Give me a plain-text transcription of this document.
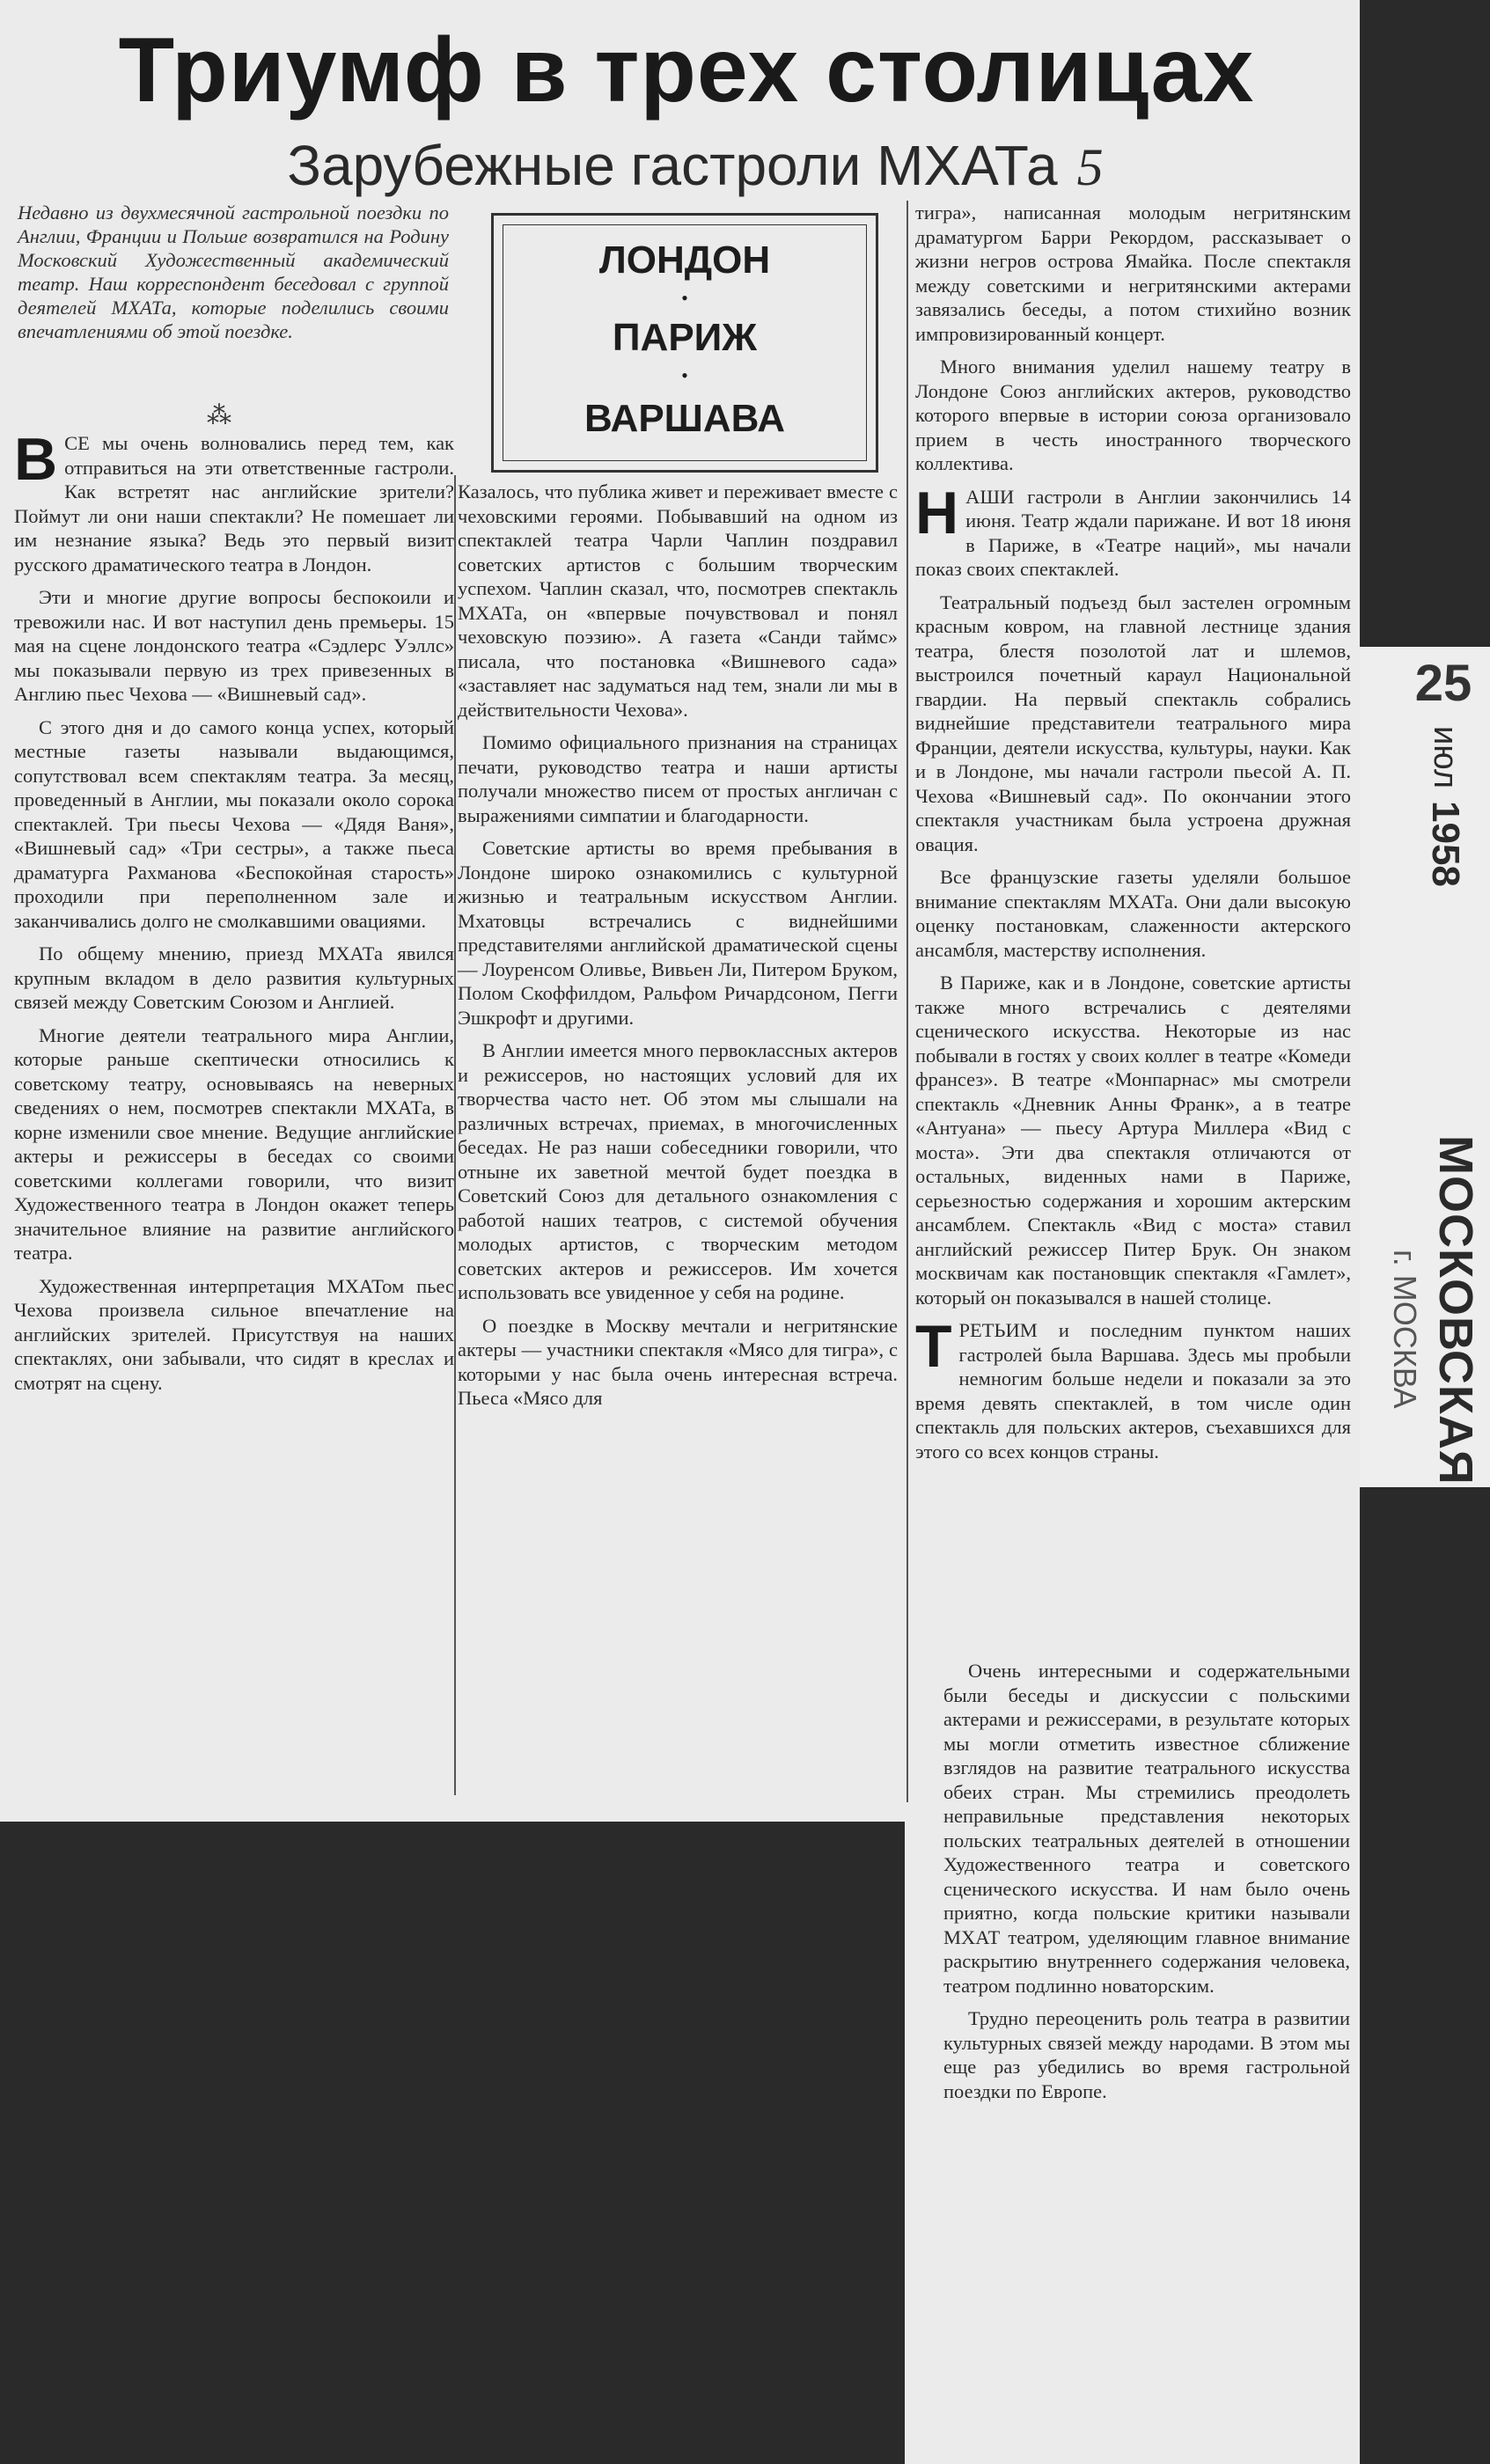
Триумф в трех столицах
Зарубежные гастроли МХАТа 5
Недавно из двухмесячной гастрольной поездки по Англии, Франции и Польше возвратился на Родину Московский Художественный академический театр. Наш корреспондент беседовал с группой деятелей МХАТа, которые поделились своими впечатлениями об этой поездке.
⁂
ЛОНДОН
•
ПАРИЖ
•
ВАРШАВА

ВСЕ мы очень волновались перед тем, как отправиться на эти ответственные гастроли. Как встретят нас английские зрители? Поймут ли они наши спектакли? Не помешает ли им незнание языка? Ведь это первый визит русского драматического театра в Лондон.

Эти и многие другие вопросы беспокоили и тревожили нас. И вот наступил день премьеры. 15 мая на сцене лондонского театра «Сэдлерс Уэллс» мы показывали первую из трех привезенных в Англию пьес Чехова — «Вишневый сад».

С этого дня и до самого конца успех, который местные газеты называли выдающимся, сопутствовал всем спектаклям театра. За месяц, проведенный в Англии, мы показали около сорока спектаклей. Три пьесы Чехова — «Дядя Ваня», «Вишневый сад» «Три сестры», а также пьеса драматурга Рахманова «Беспокойная старость» проходили при переполненном зале и заканчивались долго не смолкавшими овациями.

По общему мнению, приезд МХАТа явился крупным вкладом в дело развития культурных связей между Советским Союзом и Англией.

Многие деятели театрального мира Англии, которые раньше скептически относились к советскому театру, основываясь на неверных сведениях о нем, посмотрев спектакли МХАТа, в корне изменили свое мнение. Ведущие английские актеры и режиссеры в беседах со своими советскими коллегами говорили, что визит Художественного театра в Лондон окажет теперь значительное влияние на развитие английского театра.

Художественная интерпретация МХАТом пьес Чехова произвела сильное впечатление на английских зрителей. Присутствуя на наших спектаклях, они забывали, что сидят в креслах и смотрят на сцену.

Казалось, что публика живет и переживает вместе с чеховскими героями. Побывавший на одном из спектаклей театра Чарли Чаплин поздравил советских артистов с большим творческим успехом. Чаплин сказал, что, посмотрев спектакль МХАТа, он «впервые почувствовал и понял чеховскую поэзию». А газета «Санди таймс» писала, что постановка «Вишневого сада» «заставляет нас задуматься над тем, знали ли мы в действительности Чехова».

Помимо официального признания на страницах печати, руководство театра и наши артисты получали множество писем от простых англичан с выражениями симпатии и благодарности.

Советские артисты во время пребывания в Лондоне широко ознакомились с культурной жизнью и театральным искусством Англии. Мхатовцы встречались с виднейшими представителями английской драматической сцены — Лоуренсом Оливье, Вивьен Ли, Питером Бруком, Полом Скоффилдом, Ральфом Ричардсоном, Пегги Эшкрофт и другими.

В Англии имеется много первоклассных актеров и режиссеров, но настоящих условий для их творчества часто нет. Об этом мы слышали на различных встречах, приемах, в многочисленных беседах. Не раз наши собеседники говорили, что отныне их заветной мечтой будет поездка в Советский Союз для детального ознакомления с работой наших театров, с системой обучения молодых артистов, с творческим методом советских актеров и режиссеров. Им хочется использовать все увиденное у себя на родине.

О поездке в Москву мечтали и негритянские актеры — участники спектакля «Мясо для тигра», с которыми у нас была очень интересная встреча. Пьеса «Мясо для

тигра», написанная молодым негритянским драматургом Барри Рекордом, рассказывает о жизни негров острова Ямайка. После спектакля между советскими и негритянскими актерами завязались беседы, а потом стихийно возник импровизированный концерт.

Много внимания уделил нашему театру в Лондоне Союз английских актеров, руководство которого впервые в истории союза организовало прием в честь иностранного творческого коллектива.

НАШИ гастроли в Англии закончились 14 июня. Театр ждали парижане. И вот 18 июня в Париже, в «Театре наций», мы начали показ своих спектаклей.

Театральный подъезд был застелен огромным красным ковром, на главной лестнице здания театра, блестя позолотой лат и шлемов, выстроился почетный караул Национальной гвардии. На первый спектакль собрались виднейшие представители театрального мира Франции, деятели искусства, культуры, науки. Как и в Лондоне, мы начали гастроли пьесой А. П. Чехова «Вишневый сад». По окончании этого спектакля участникам была устроена дружная овация.

Все французские газеты уделяли большое внимание спектаклям МХАТа. Они дали высокую оценку постановкам, слаженности актерского ансамбля, мастерству исполнения.

В Париже, как и в Лондоне, советские артисты также много встречались с деятелями сценического искусства. Некоторые из нас побывали в гостях у своих коллег в театре «Комеди франсез». В театре «Монпарнас» мы смотрели спектакль «Дневник Анны Франк», а в театре «Антуана» — пьесу Артура Миллера «Вид с моста». Эти два спектакля отличаются от остальных, виденных нами в Париже, серьезностью содержания и хорошим актерским ансамблем. Спектакль «Вид с моста» ставил английский режиссер Питер Брук. Он знаком москвичам как постановщик спектакля «Гамлет», который он показывался в нашей столице.

ТРЕТЬИМ и последним пунктом наших гастролей была Варшава. Здесь мы пробыли немногим больше недели и показали за это время девять спектаклей, в том числе один спектакль для польских актеров, съехавшихся для этого со всех концов страны.

Очень интересными и содержательными были беседы и дискуссии с польскими актерами и режиссерами, в результате которых мы могли отметить известное сближение взглядов на развитие театрального искусства обеих стран. Мы стремились преодолеть неправильные представления некоторых польских театральных деятелей в отношении Художественного театра и советского сценического искусства. И нам было очень приятно, когда польские критики называли МХАТ театром, уделяющим главное внимание раскрытию внутреннего содержания человека, театром подлинно новаторским.

Трудно переоценить роль театра в развитии культурных связей между народами. В этом мы еще раз убедились во время гастрольной поездки по Европе.

25
июл
1958
МОСКОВСКАЯ ПРАВДА
г. МОСКВА
